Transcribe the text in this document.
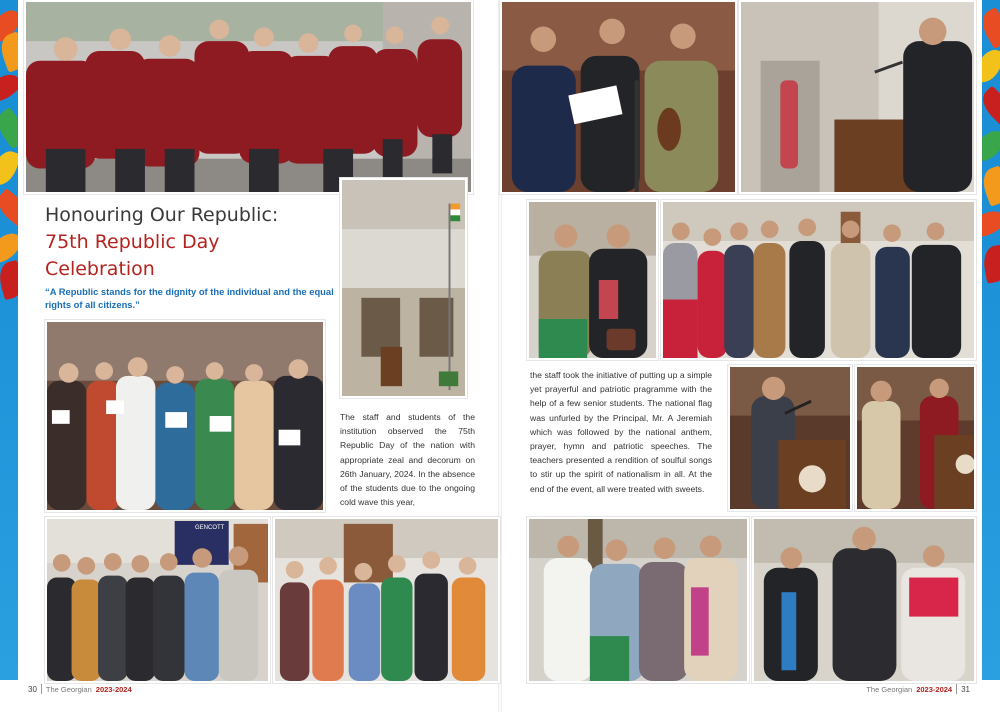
GENCOTT
Honouring Our Republic:
75th Republic Day
Celebration

“A Republic stands for the dignity of the individual and the equal rights of all citizens.”

The staff and students of the institution observed the 75th Republic Day of the nation with appropriate zeal and decorum on 26th January, 2024. In the absence of the students due to the ongoing cold wave this year,

the staff took the initiative of putting up a simple yet prayerful and patriotic pragramme with the help of a few senior students. The national flag was unfurled by the Principal, Mr. A Jeremiah which was followed by the national anthem, prayer, hymn and patriotic speeches. The teachers presented a rendition of soulful songs to stir up the spirit of nationalism in all. At the end of the event, all were treated with sweets.

30 The Georgian 2023-2024	The Georgian 2023-2024 31
